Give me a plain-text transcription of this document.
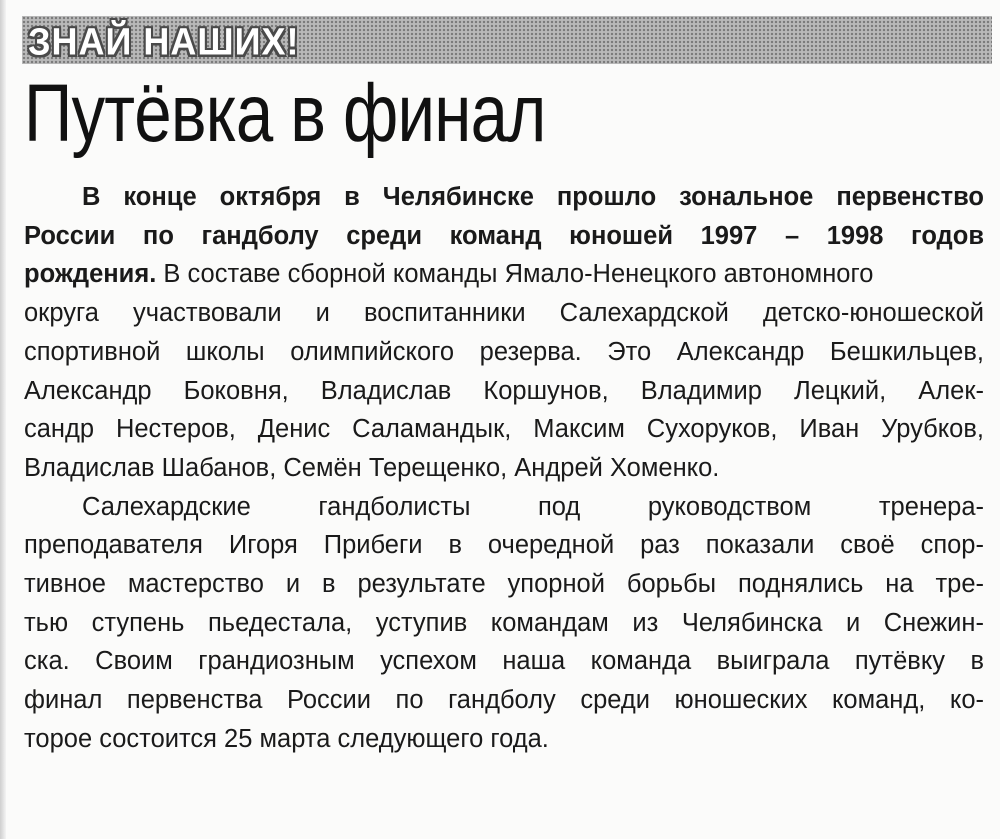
ЗНАЙ НАШИХ!
Путёвка в финал

В конце октября в Челябинске прошло зональное первенство
России по гандболу среди команд юношей 1997 – 1998 годов
рождения. В составе сборной команды Ямало-Ненецкого автономного
округа участвовали и воспитанники Салехардской детско-юношеской
спортивной школы олимпийского резерва. Это Александр Бешкильцев,
Александр Боковня, Владислав Коршунов, Владимир Лецкий, Алек-
сандр Нестеров, Денис Саламандык, Максим Сухоруков, Иван Урубков,
Владислав Шабанов, Семён Терещенко, Андрей Хоменко.

Салехардские гандболисты под руководством тренера-
преподавателя Игоря Прибеги в очередной раз показали своё спор-
тивное мастерство и в результате упорной борьбы поднялись на тре-
тью ступень пьедестала, уступив командам из Челябинска и Снежин-
ска. Своим грандиозным успехом наша команда выиграла путёвку в
финал первенства России по гандболу среди юношеских команд, ко-
торое состоится 25 марта следующего года.
